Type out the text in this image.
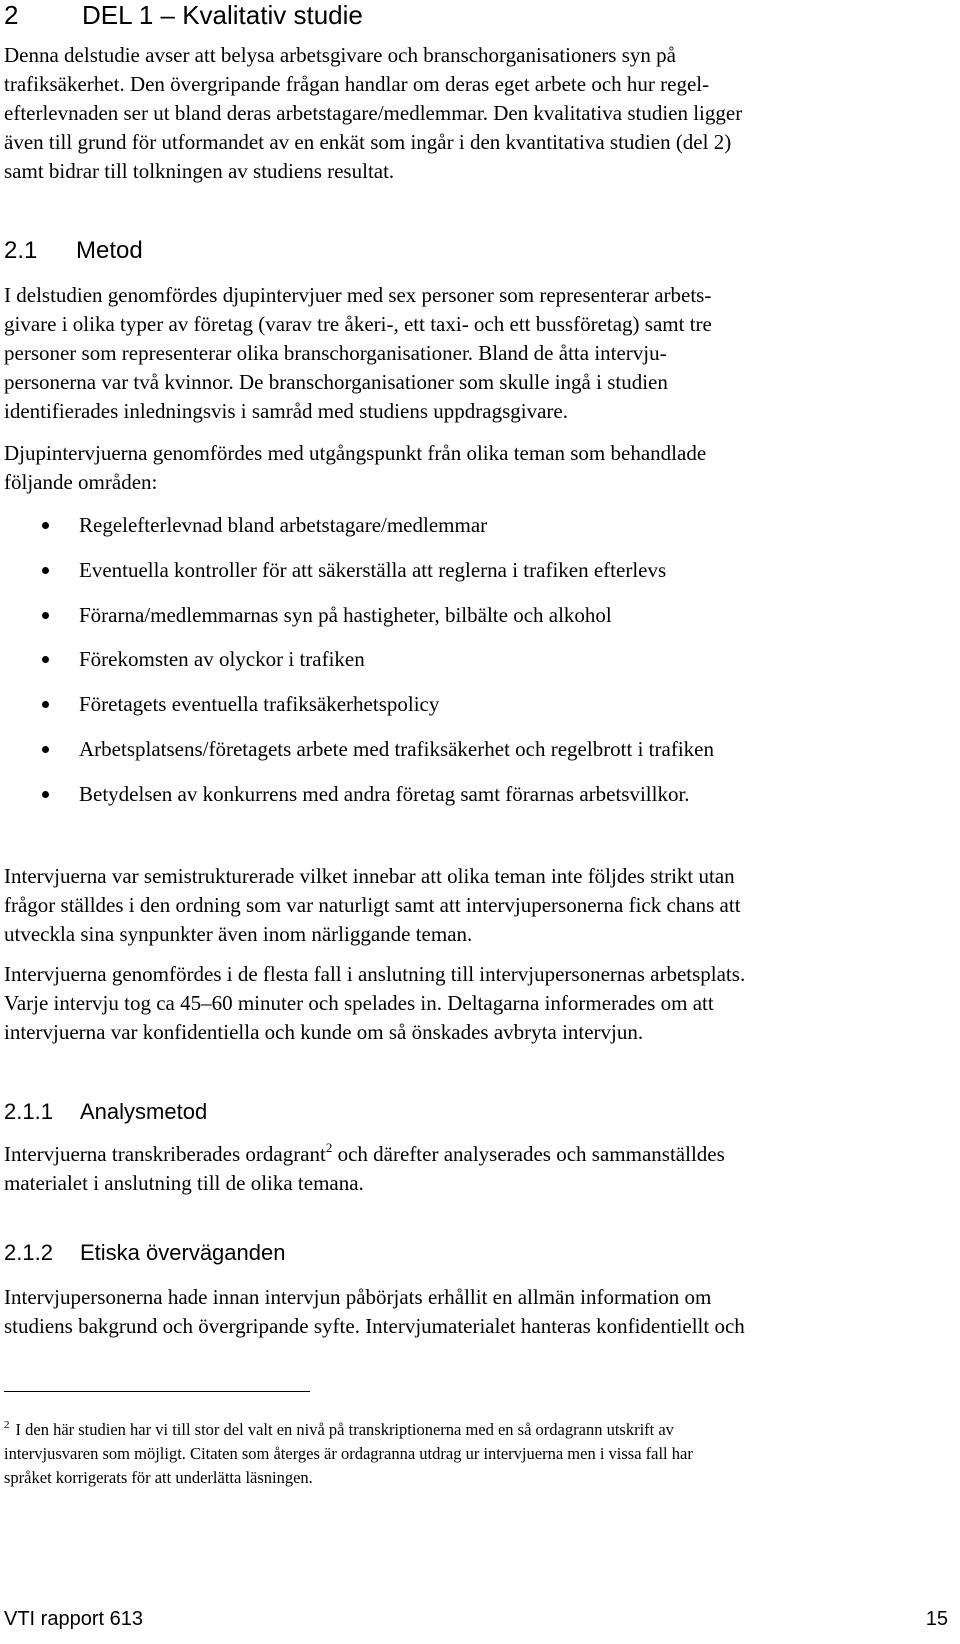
2 DEL 1 – Kvalitativ studie
Denna delstudie avser att belysa arbetsgivare och branschorganisationers syn på
trafiksäkerhet. Den övergripande frågan handlar om deras eget arbete och hur regel-
efterlevnaden ser ut bland deras arbetstagare/medlemmar. Den kvalitativa studien ligger
även till grund för utformandet av en enkät som ingår i den kvantitativa studien (del 2)
samt bidrar till tolkningen av studiens resultat.
2.1 Metod
I delstudien genomfördes djupintervjuer med sex personer som representerar arbets-
givare i olika typer av företag (varav tre åkeri-, ett taxi- och ett bussföretag) samt tre
personer som representerar olika branschorganisationer. Bland de åtta intervju-
personerna var två kvinnor. De branschorganisationer som skulle ingå i studien
identifierades inledningsvis i samråd med studiens uppdragsgivare.
Djupintervjuerna genomfördes med utgångspunkt från olika teman som behandlade
följande områden:
Regelefterlevnad bland arbetstagare/medlemmar
Eventuella kontroller för att säkerställa att reglerna i trafiken efterlevs
Förarna/medlemmarnas syn på hastigheter, bilbälte och alkohol
Förekomsten av olyckor i trafiken
Företagets eventuella trafiksäkerhetspolicy
Arbetsplatsens/företagets arbete med trafiksäkerhet och regelbrott i trafiken
Betydelsen av konkurrens med andra företag samt förarnas arbetsvillkor.
Intervjuerna var semistrukturerade vilket innebar att olika teman inte följdes strikt utan
frågor ställdes i den ordning som var naturligt samt att intervjupersonerna fick chans att
utveckla sina synpunkter även inom närliggande teman.
Intervjuerna genomfördes i de flesta fall i anslutning till intervjupersonernas arbetsplats.
Varje intervju tog ca 45–60 minuter och spelades in. Deltagarna informerades om att
intervjuerna var konfidentiella och kunde om så önskades avbryta intervjun.
2.1.1 Analysmetod
Intervjuerna transkriberades ordagrant$^2$ och därefter analyserades och sammanställdes
materialet i anslutning till de olika temana.
2.1.2 Etiska överväganden
Intervjupersonerna hade innan intervjun påbörjats erhållit en allmän information om
studiens bakgrund och övergripande syfte. Intervjumaterialet hanteras konfidentiellt och
$^2$ I den här studien har vi till stor del valt en nivå på transkriptionerna med en så ordagrann utskrift av
intervjusvaren som möjligt. Citaten som återges är ordagranna utdrag ur intervjuerna men i vissa fall har
språket korrigerats för att underlätta läsningen.
VTI rapport 613	15
